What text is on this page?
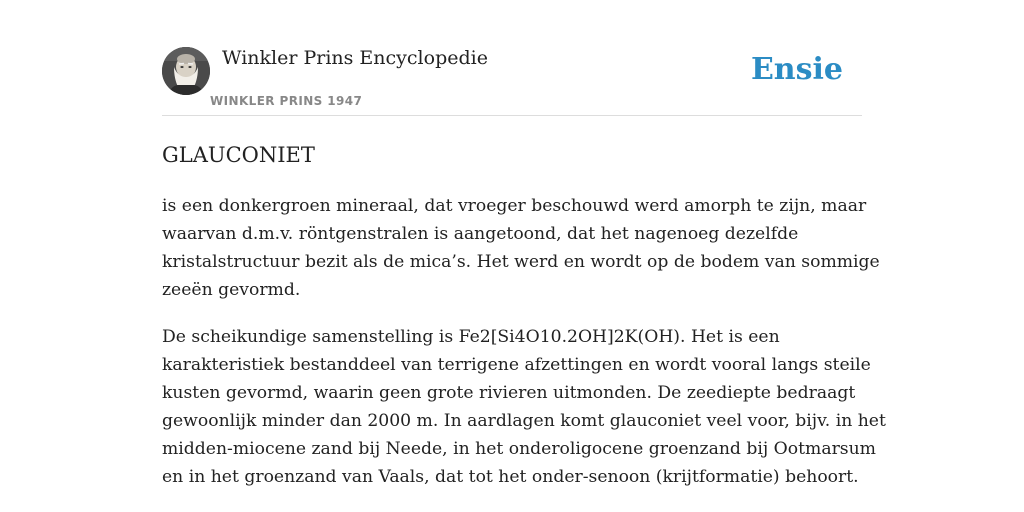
Winkler Prins Encyclopedie
WINKLER PRINS 1947
Ensie
GLAUCONIET

is een donkergroen mineraal, dat vroeger beschouwd werd amorph te zijn, maar
waarvan d.m.v. röntgenstralen is aangetoond, dat het nagenoeg dezelfde
kristalstructuur bezit als de mica’s. Het werd en wordt op de bodem van sommige
zeeën gevormd.

De scheikundige samenstelling is Fe2[Si4O10.2OH]2K(OH). Het is een
karakteristiek bestanddeel van terrigene afzettingen en wordt vooral langs steile
kusten gevormd, waarin geen grote rivieren uitmonden. De zeediepte bedraagt
gewoonlijk minder dan 2000 m. In aardlagen komt glauconiet veel voor, bijv. in het
midden-miocene zand bij Neede, in het onderoligocene groenzand bij Ootmarsum
en in het groenzand van Vaals, dat tot het onder-senoon (krijtformatie) behoort.
